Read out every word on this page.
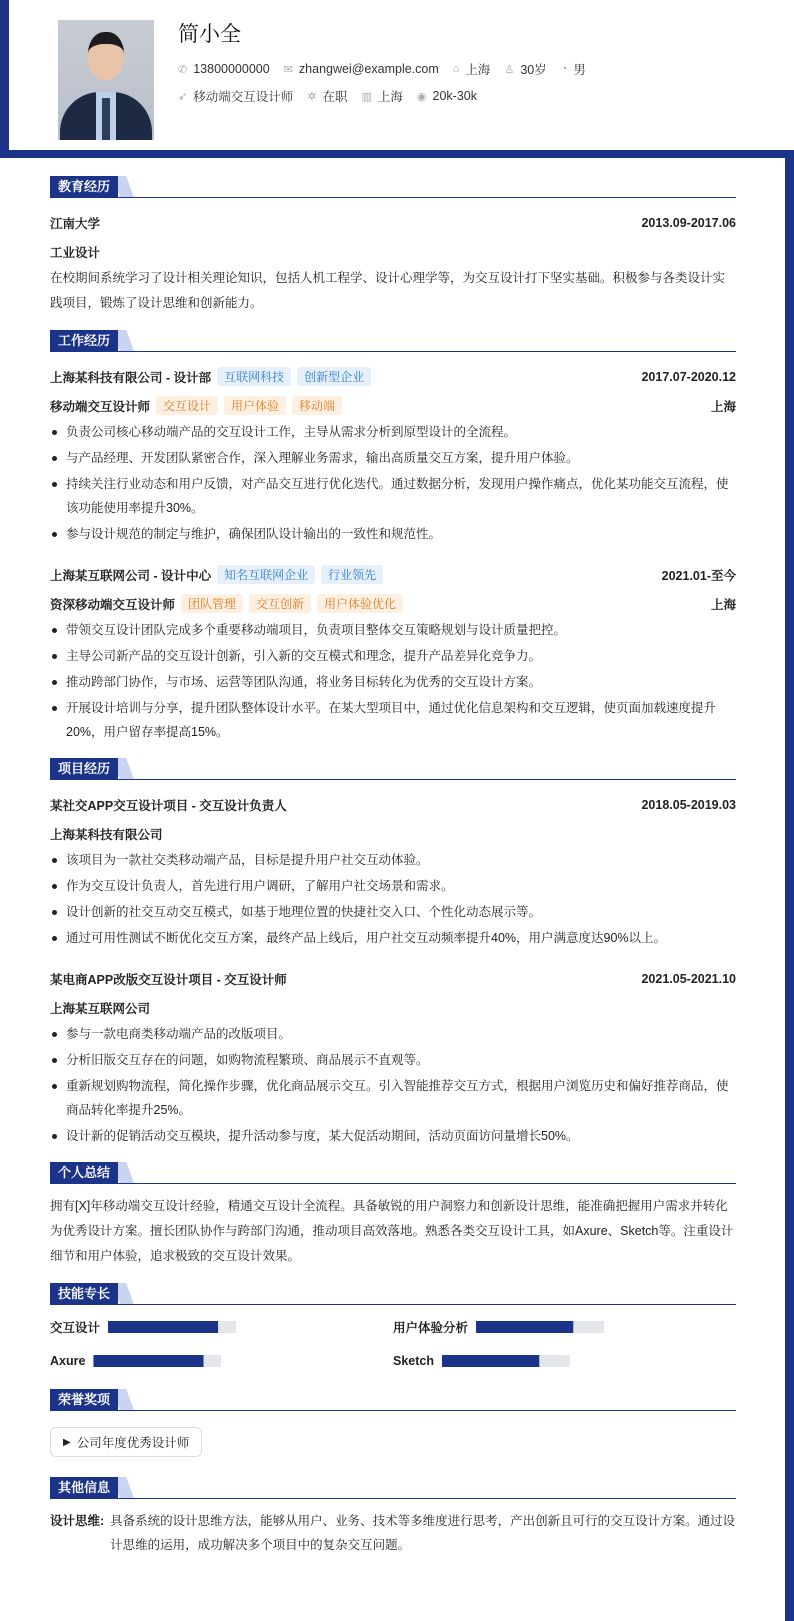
简小全
✆ 13800000000 ✉ zhangwei@example.com ⌂ 上海 ♙ 30岁 ◔ 男
➶ 移动端交互设计师 ✲ 在职 ▥ 上海 ◉ 20k-30k
教育经历
江南大学	2013.09-2017.06
工业设计
在校期间系统学习了设计相关理论知识，包括人机工程学、设计心理学等，为交互设计打下坚实基础。积极参与各类设计实践项目，锻炼了设计思维和创新能力。
工作经历
上海某科技有限公司 - 设计部	互联网科技	创新型企业	2017.07-2020.12
移动端交互设计师	交互设计	用户体验	移动端	上海
负责公司核心移动端产品的交互设计工作，主导从需求分析到原型设计的全流程。
与产品经理、开发团队紧密合作，深入理解业务需求，输出高质量交互方案，提升用户体验。
持续关注行业动态和用户反馈，对产品交互进行优化迭代。通过数据分析，发现用户操作痛点，优化某功能交互流程，使该功能使用率提升30%。
参与设计规范的制定与维护，确保团队设计输出的一致性和规范性。
上海某互联网公司 - 设计中心	知名互联网企业	行业领先	2021.01-至今
资深移动端交互设计师	团队管理	交互创新	用户体验优化	上海
带领交互设计团队完成多个重要移动端项目，负责项目整体交互策略规划与设计质量把控。
主导公司新产品的交互设计创新，引入新的交互模式和理念，提升产品差异化竞争力。
推动跨部门协作，与市场、运营等团队沟通，将业务目标转化为优秀的交互设计方案。
开展设计培训与分享，提升团队整体设计水平。在某大型项目中，通过优化信息架构和交互逻辑，使页面加载速度提升20%，用户留存率提高15%。
项目经历
某社交APP交互设计项目 - 交互设计负责人	2018.05-2019.03
上海某科技有限公司
该项目为一款社交类移动端产品，目标是提升用户社交互动体验。
作为交互设计负责人，首先进行用户调研，了解用户社交场景和需求。
设计创新的社交互动交互模式，如基于地理位置的快捷社交入口、个性化动态展示等。
通过可用性测试不断优化交互方案，最终产品上线后，用户社交互动频率提升40%，用户满意度达90%以上。
某电商APP改版交互设计项目 - 交互设计师	2021.05-2021.10
上海某互联网公司
参与一款电商类移动端产品的改版项目。
分析旧版交互存在的问题，如购物流程繁琐、商品展示不直观等。
重新规划购物流程，简化操作步骤，优化商品展示交互。引入智能推荐交互方式，根据用户浏览历史和偏好推荐商品，使商品转化率提升25%。
设计新的促销活动交互模块，提升活动参与度，某大促活动期间，活动页面访问量增长50%。
个人总结
拥有[X]年移动端交互设计经验，精通交互设计全流程。具备敏锐的用户洞察力和创新设计思维，能准确把握用户需求并转化为优秀设计方案。擅长团队协作与跨部门沟通，推动项目高效落地。熟悉各类交互设计工具，如Axure、Sketch等。注重设计细节和用户体验，追求极致的交互设计效果。
技能专长
交互设计	用户体验分析
Axure	Sketch
荣誉奖项
▶ 公司年度优秀设计师
其他信息
设计思维: 具备系统的设计思维方法，能够从用户、业务、技术等多维度进行思考，产出创新且可行的交互设计方案。通过设计思维的运用，成功解决多个项目中的复杂交互问题。
